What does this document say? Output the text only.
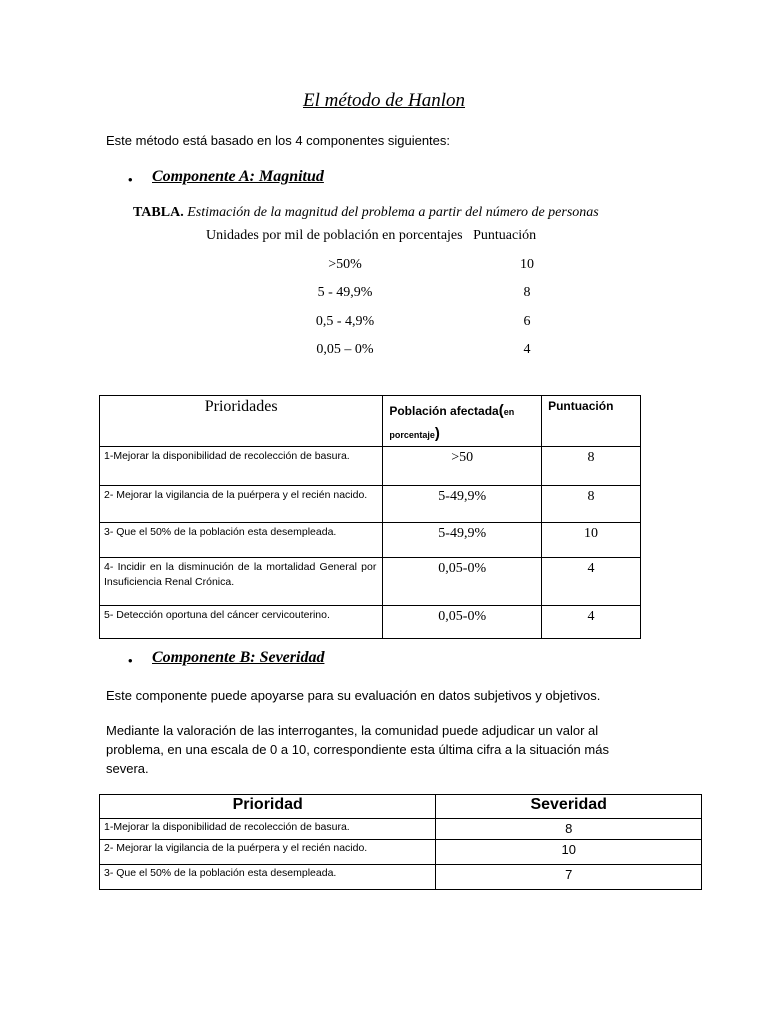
El método de Hanlon
Este método está basado en los 4 componentes siguientes:
• Componente A: Magnitud
TABLA. Estimación de la magnitud del problema a partir del número de personas
Unidades por mil de población en porcentajes Puntuación
>50%	10
5 - 49,9%	8
0,5 - 4,9%	6
0,05 – 0%	4
Prioridades	Población afectada(en porcentaje)	Puntuación
1-Mejorar la disponibilidad de recolección de basura.	>50	8
2- Mejorar la vigilancia de la puérpera y el recién nacido.	5-49,9%	8
3- Que el 50% de la población esta desempleada.	5-49,9%	10
4- Incidir en la disminución de la mortalidad General por Insuficiencia Renal Crónica.	0,05-0%	4
5- Detección oportuna del cáncer cervicouterino.	0,05-0%	4
• Componente B: Severidad
Este componente puede apoyarse para su evaluación en datos subjetivos y objetivos.
Mediante la valoración de las interrogantes, la comunidad puede adjudicar un valor al problema, en una escala de 0 a 10, correspondiente esta última cifra a la situación más severa.
Prioridad	Severidad
1-Mejorar la disponibilidad de recolección de basura.	8
2- Mejorar la vigilancia de la puérpera y el recién nacido.	10
3- Que el 50% de la población esta desempleada.	7
